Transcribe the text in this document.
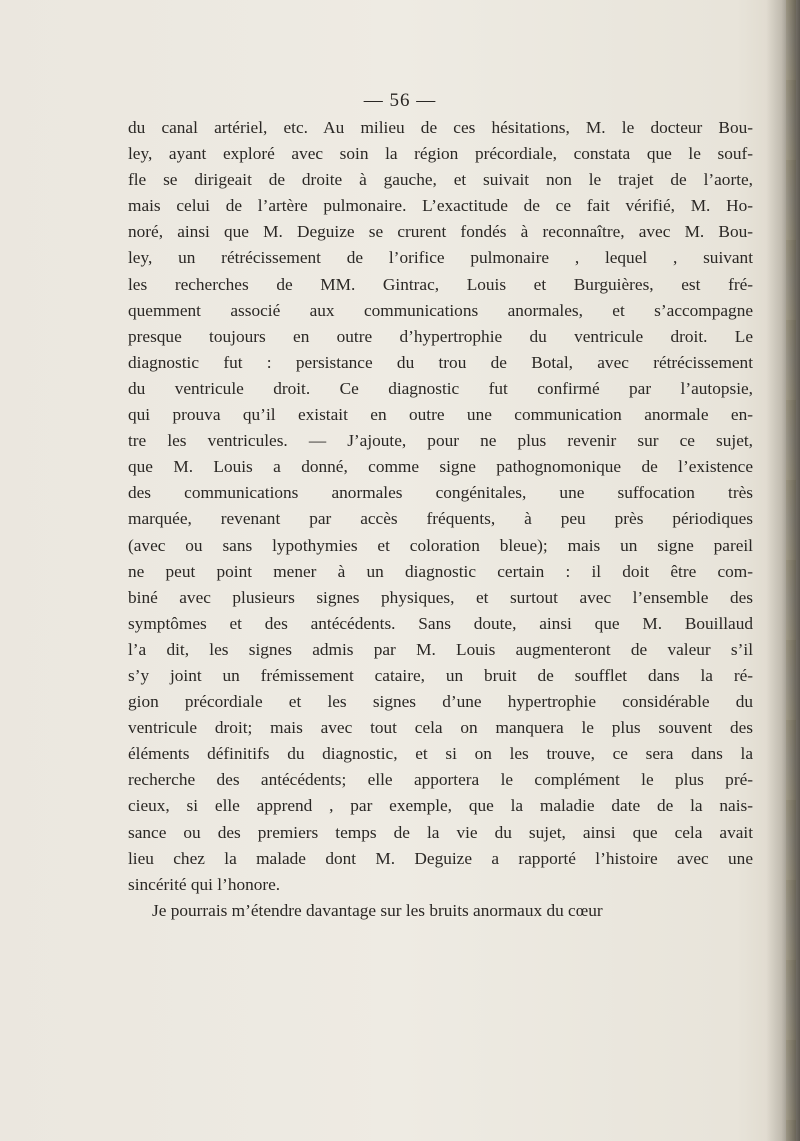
— 56 —

du canal artériel, etc. Au milieu de ces hésitations, M. le docteur Bou-
ley, ayant exploré avec soin la région précordiale, constata que le souf-
fle se dirigeait de droite à gauche, et suivait non le trajet de l’aorte,
mais celui de l’artère pulmonaire. L’exactitude de ce fait vérifié, M. Ho-
noré, ainsi que M. Deguize se crurent fondés à reconnaître, avec M. Bou-
ley, un rétrécissement de l’orifice pulmonaire , lequel , suivant
les recherches de MM. Gintrac, Louis et Burguières, est fré-
quemment associé aux communications anormales, et s’accompagne
presque toujours en outre d’hypertrophie du ventricule droit. Le
diagnostic fut : persistance du trou de Botal, avec rétrécissement
du ventricule droit. Ce diagnostic fut confirmé par l’autopsie,
qui prouva qu’il existait en outre une communication anormale en-
tre les ventricules. — J’ajoute, pour ne plus revenir sur ce sujet,
que M. Louis a donné, comme signe pathognomonique de l’existence
des communications anormales congénitales, une suffocation très
marquée, revenant par accès fréquents, à peu près périodiques
(avec ou sans lypothymies et coloration bleue); mais un signe pareil
ne peut point mener à un diagnostic certain : il doit être com-
biné avec plusieurs signes physiques, et surtout avec l’ensemble des
symptômes et des antécédents. Sans doute, ainsi que M. Bouillaud
l’a dit, les signes admis par M. Louis augmenteront de valeur s’il
s’y joint un frémissement cataire, un bruit de soufflet dans la ré-
gion précordiale et les signes d’une hypertrophie considérable du
ventricule droit; mais avec tout cela on manquera le plus souvent des
éléments définitifs du diagnostic, et si on les trouve, ce sera dans la
recherche des antécédents; elle apportera le complément le plus pré-
cieux, si elle apprend , par exemple, que la maladie date de la nais-
sance ou des premiers temps de la vie du sujet, ainsi que cela avait
lieu chez la malade dont M. Deguize a rapporté l’histoire avec une
sincérité qui l’honore.
Je pourrais m’étendre davantage sur les bruits anormaux du cœur
